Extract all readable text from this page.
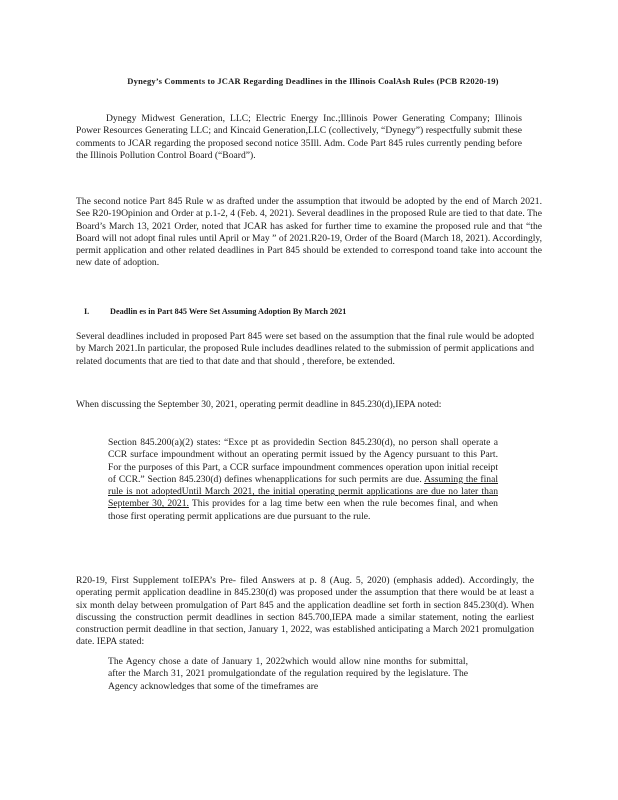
Dynegy’s Comments to JCAR Regarding Deadlines in the Illinois CoalAsh Rules (PCB R2020-19)
Dynegy Midwest Generation, LLC; Electric Energy Inc.;Illinois Power Generating Company; Illinois Power Resources Generating LLC; and Kincaid Generation,LLC (collectively, “Dynegy”) respectfully submit these comments to JCAR regarding the proposed second notice 35Ill. Adm. Code Part 845 rules currently pending before the Illinois Pollution Control Board (“Board”).
The second notice Part 845 Rule w as drafted under the assumption that itwould be adopted by the end of March 2021. See R20-19Opinion and Order at p.1-2, 4 (Feb. 4, 2021). Several deadlines in the proposed Rule are tied to that date. The Board’s March 13, 2021 Order, noted that JCAR has asked for further time to examine the proposed rule and that “the Board will not adopt final rules until April or May ” of 2021.R20-19, Order of the Board (March 18, 2021). Accordingly, permit application and other related deadlines in Part 845 should be extended to correspond toand take into account the new date of adoption.
I.	Deadlin es in Part 845 Were Set Assuming Adoption By March 2021
Several deadlines included in proposed Part 845 were set based on the assumption that the final rule would be adopted by March 2021.In particular, the proposed Rule includes deadlines related to the submission of permit applications and related documents that are tied to that date and that should , therefore, be extended.
When discussing the September 30, 2021, operating permit deadline in 845.230(d),IEPA noted:
Section 845.200(a)(2) states: “Exce pt as providedin Section 845.230(d), no person shall operate a CCR surface impoundment without an operating permit issued by the Agency pursuant to this Part. For the purposes of this Part, a CCR surface impoundment commences operation upon initial receipt of CCR.” Section 845.230(d) defines whenapplications for such permits are due. Assuming the final rule is not adoptedUntil March 2021, the initial operating permit applications are due no later than September 30, 2021. This provides for a lag time betw een when the rule becomes final, and when those first operating permit applications are due pursuant to the rule.
R20-19, First Supplement toIEPA’s Pre- filed Answers at p. 8 (Aug. 5, 2020) (emphasis added). Accordingly, the operating permit application deadline in 845.230(d) was proposed under the assumption that there would be at least a six month delay between promulgation of Part 845 and the application deadline set forth in section 845.230(d). When discussing the construction permit deadlines in section 845.700,IEPA made a similar statement, noting the earliest construction permit deadline in that section, January 1, 2022, was established anticipating a March 2021 promulgation date. IEPA stated:
The Agency chose a date of January 1, 2022which would allow nine months for submittal, after the March 31, 2021 promulgationdate of the regulation required by the legislature. The Agency acknowledges that some of the timeframes are
